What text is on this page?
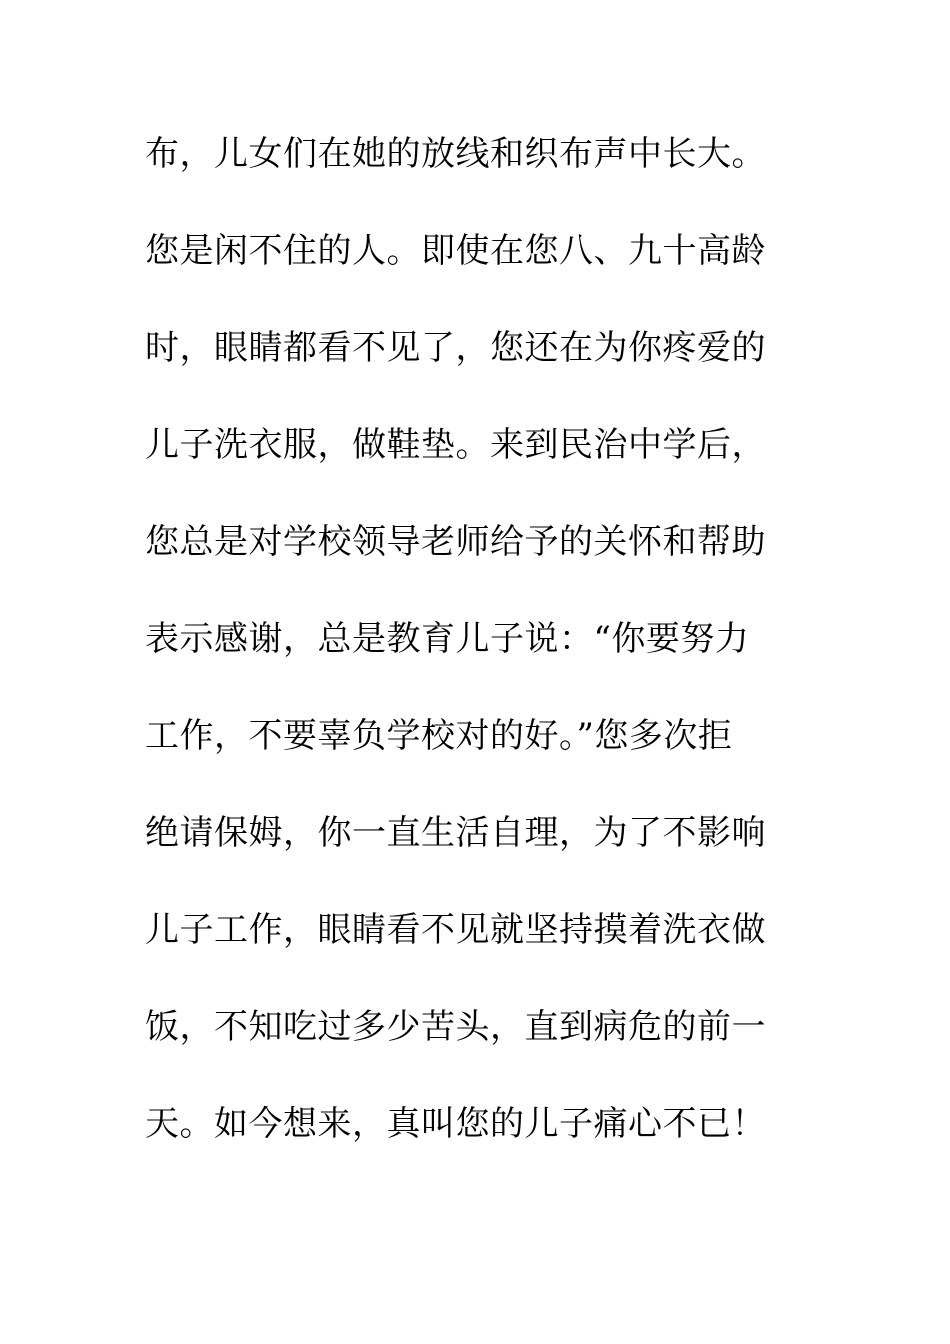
布，儿女们在她的放线和织布声中长大。
您是闲不住的人。即使在您八、九十高龄
时，眼睛都看不见了，您还在为你疼爱的
儿子洗衣服，做鞋垫。来到民治中学后，
您总是对学校领导老师给予的关怀和帮助
表示感谢，总是教育儿子说：“你要努力
工作，不要辜负学校对的好。”您多次拒
绝请保姆，你一直生活自理，为了不影响
儿子工作，眼睛看不见就坚持摸着洗衣做
饭，不知吃过多少苦头，直到病危的前一
天。如今想来，真叫您的儿子痛心不已！
